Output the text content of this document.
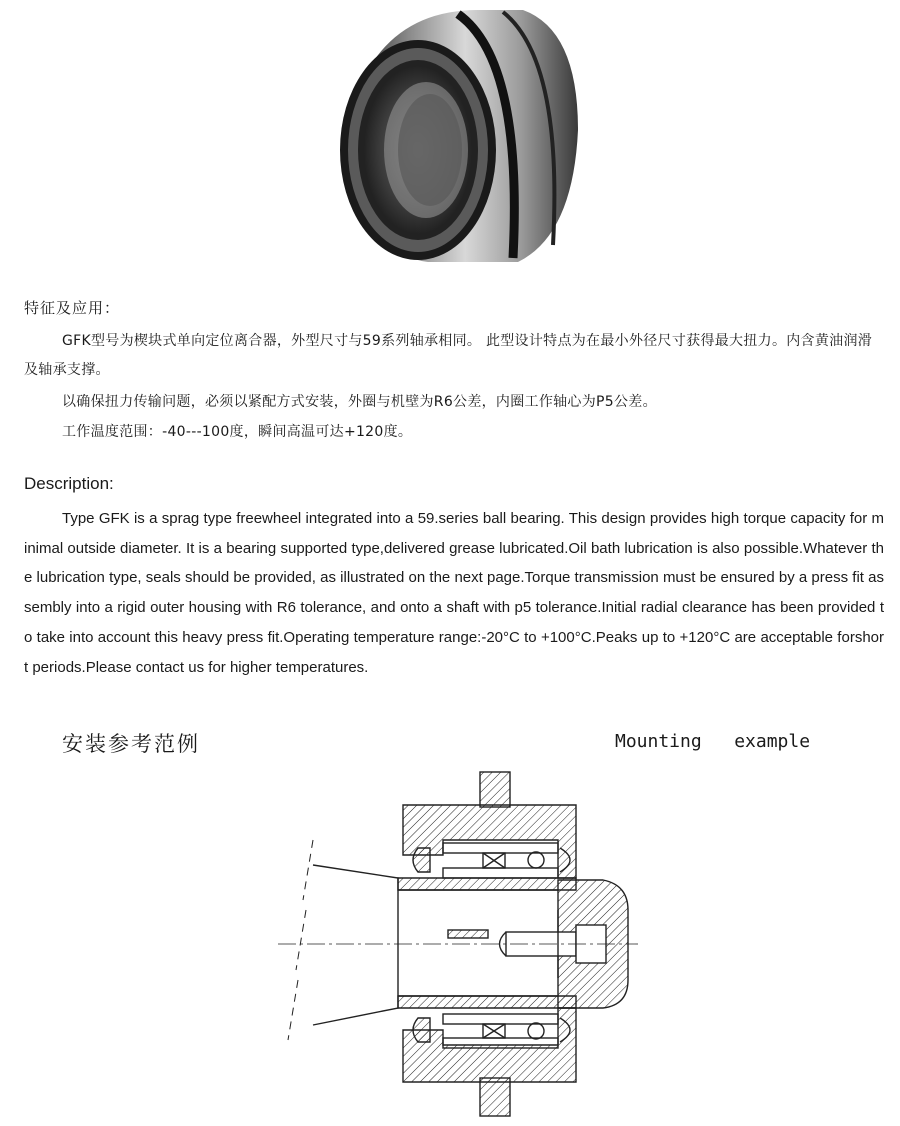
特征及应用：
GFK型号为楔块式单向定位离合器，外型尺寸与59系列轴承相同。 此型设计特点为在最小外径尺寸获得最大扭力。内含黄油润滑及轴承支撑。
以确保扭力传输问题，必须以紧配方式安装，外圈与机壁为R6公差，内圈工作轴心为P5公差。
工作温度范围：-40---100度，瞬间高温可达+120度。
Description:
Type GFK is a sprag type freewheel integrated into a 59.series ball bearing. This design provides high torque capacity for minimal outside diameter. It is a bearing supported type,delivered grease lubricated.Oil bath lubrication is also possible.Whatever the lubrication type, seals should be provided, as illustrated on the next page.Torque transmission must be ensured by a press fit assembly into a rigid outer housing with R6 tolerance, and onto a shaft with p5 tolerance.Initial radial clearance has been provided to take into account this heavy press fit.Operating temperature range:-20°C to +100°C.Peaks up to +120°C are acceptable forshort periods.Please contact us for higher temperatures.
安装参考范例	Mounting   example
